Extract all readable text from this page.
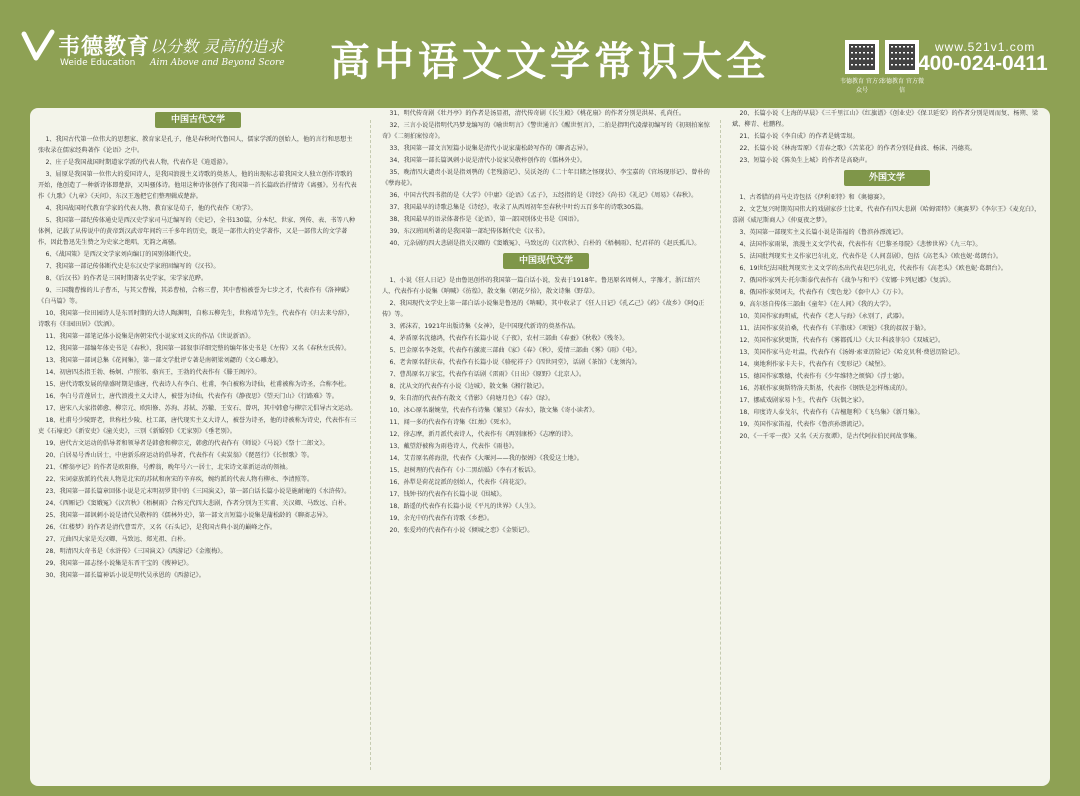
韦德教育
Weide Education
以分数 灵高的追求
Aim Above and Beyond Score 高中语文文学常识大全	韦德教育 官方公众号
韦德教育 官方微信
www.521v1.com
400-024-0411
中国古代文学

1、我国古代第一位伟大的思想家、教育家是孔子，他是春秋时代鲁国人，儒家学派的创始人，他的言行和思想主张收录在儒家经典著作《论语》之中。

2、庄子是我国战国时期道家学派的代表人物，代表作是《逍遥游》。

3、屈原是我国第一位伟大的爱国诗人，是我国浪漫主义诗歌的奠基人，他的出现标志着我国文人独立创作诗歌的开始，他创造了一种新诗体即楚辞，又叫骚体诗。他用这种诗体创作了我国第一首长篇政治抒情诗《离骚》。另有代表作《九歌》《九章》《天问》，东汉王逸把它们整理辑成楚辞。

4、我国战国时代教育学家的代表人物、教育家是荀子，他的代表作《劝学》。

5、我国第一部纪传体通史是西汉史学家司马迁编写的《史记》，全书130篇，分本纪、世家、列传、表、书等八种体例，记载了从传说中的黄帝到汉武帝年间约三千多年的历史，既是一部伟大的史学著作，又是一部伟大的文学著作，因此鲁迅先生赞之为史家之绝唱，无韵之离骚。

6、《战国策》是西汉文学家刘向编订的国别体断代史。

7、我国第一部记传体断代史是东汉史学家班固编写的《汉书》。

8、《后汉书》的作者是三国时期著名史学家，宋学家范晔。

9、三国魏曹操的儿子曹丕，与其父曹操，其弟曹植，合称三曹，其中曹植被誉为七步之才，代表作有《洛神赋》《白马篇》等。

10、我国第一位田园诗人是东晋时期的大诗人陶渊明，自称五柳先生，世称靖节先生，代表作有《归去来兮辞》，诗歌有《归园田居》《饮酒》。

11、我国第一部笔记体小说集是南朝宋代小说家刘义庆的作品《世说新语》。

12、我国第一部编年体史书是《春秋》，我国第一部叙事详细完整的编年体史书是《左传》又名《春秋左氏传》。

13、我国第一部词总集《花间集》，第一部文学批评专著是南朝梁刘勰的《文心雕龙》。

14、初唐四杰指王勃、杨炯、卢照邻、骆宾王，王勃的代表作有《滕王阁序》。

15、唐代诗歌发展的鼎盛时期是盛唐，代表诗人有李白、杜甫，李白被称为诗仙，杜甫被称为诗圣，合称李杜。

16、李白号青莲居士，唐代浪漫主义大诗人，被誉为诗仙，代表作有《静夜思》《望天门山》《行路难》等。

17、唐宋八大家指韩愈、柳宗元、欧阳修、苏洵、苏轼、苏辙、王安石、曾巩，其中韩愈与柳宗元倡导古文运动。

18、杜甫号少陵野老，世称杜少陵、杜工部，唐代现实主义大诗人，被誉为诗圣，他的诗被称为诗史，代表作有三吏《石壕吏》《新安吏》《潼关吏》，三别《新婚别》《无家别》《垂老别》。

19、唐代古文运动的倡导者和领导者是韩愈和柳宗元，韩愈的代表作有《师说》《马说》《祭十二郎文》。

20、白居易号香山居士，中唐新乐府运动的倡导者，代表作有《卖炭翁》《琵琶行》《长恨歌》等。

21、《醉翁亭记》的作者是欧阳修，号醉翁，晚年号六一居士，北宋诗文革新运动的领袖。

22、宋词豪放派的代表人物是北宋的苏轼和南宋的辛弃疾，婉约派的代表人物有柳永、李清照等。

23、我国第一部长篇章回体小说是元末明初罗贯中的《三国演义》，第一部白话长篇小说是施耐庵的《水浒传》。

24、《西厢记》《窦娥冤》《汉宫秋》《梧桐雨》合称元代四大悲剧，作者分别为王实甫、关汉卿、马致远、白朴。

25、我国第一部讽刺小说是清代吴敬梓的《儒林外史》，第一部文言短篇小说集是蒲松龄的《聊斋志异》。

26、《红楼梦》的作者是清代曹雪芹，又名《石头记》，是我国古典小说的巅峰之作。

27、元曲四大家是关汉卿、马致远、郑光祖、白朴。

28、明清四大奇书是《水浒传》《三国演义》《西游记》《金瓶梅》。

29、我国第一部志怪小说集是东晋干宝的《搜神记》。

30、我国第一部长篇神话小说是明代吴承恩的《西游记》。

31、明代传奇剧《牡丹亭》的作者是汤显祖，清代传奇剧《长生殿》《桃花扇》的作者分别是洪昇、孔尚任。

32、三言小说是指明代冯梦龙编写的《喻世明言》《警世通言》《醒世恒言》，二拍是指明代凌濛初编写的《初刻拍案惊奇》《二刻拍案惊奇》。

33、我国第一部文言短篇小说集是清代小说家蒲松龄写作的《聊斋志异》。

34、我国第一部长篇讽刺小说是清代小说家吴敬梓创作的《儒林外史》。

35、晚清四大谴责小说是指刘鹗的《老残游记》、吴沃尧的《二十年目睹之怪现状》、李宝嘉的《官场现形记》、曾朴的《孽海花》。

36、中国古代四书指的是《大学》《中庸》《论语》《孟子》，五经指的是《诗经》《尚书》《礼记》《周易》《春秋》。

37、我国最早的诗歌总集是《诗经》，收录了从西周初年至春秋中叶约五百多年的诗歌305篇。

38、我国最早的语录体著作是《论语》，第一部国别体史书是《国语》。

39、东汉班固所著的是我国第一部纪传体断代史《汉书》。

40、元杂剧的四大悲剧是指关汉卿的《窦娥冤》、马致远的《汉宫秋》、白朴的《梧桐雨》、纪君祥的《赵氏孤儿》。

中国现代文学

1、小说《狂人日记》是由鲁迅创作的我国第一篇白话小说，发表于1918年。鲁迅原名周树人，字豫才，浙江绍兴人，代表作有小说集《呐喊》《彷徨》，散文集《朝花夕拾》，散文诗集《野草》。

2、我国现代文学史上第一部白话小说集是鲁迅的《呐喊》，其中收录了《狂人日记》《孔乙己》《药》《故乡》《阿Q正传》等。

3、郭沫若，1921年出版诗集《女神》，是中国现代新诗的奠基作品。

4、茅盾原名沈德鸿，代表作有长篇小说《子夜》，农村三部曲《春蚕》《秋收》《残冬》。

5、巴金原名李尧棠，代表作有激流三部曲《家》《春》《秋》，爱情三部曲《雾》《雨》《电》。

6、老舍原名舒庆春，代表作有长篇小说《骆驼祥子》《四世同堂》，话剧《茶馆》《龙须沟》。

7、曹禺原名万家宝，代表作有话剧《雷雨》《日出》《原野》《北京人》。

8、沈从文的代表作有小说《边城》，散文集《湘行散记》。

9、朱自清的代表作有散文《背影》《荷塘月色》《春》《绿》。

10、冰心原名谢婉莹，代表作有诗集《繁星》《春水》，散文集《寄小读者》。

11、闻一多的代表作有诗集《红烛》《死水》。

12、徐志摩，新月派代表诗人，代表作有《再别康桥》《志摩的诗》。

13、戴望舒被称为雨巷诗人，代表作《雨巷》。

14、艾青原名蒋海澄，代表作《大堰河——我的保姆》《我爱这土地》。

15、赵树理的代表作有《小二黑结婚》《李有才板话》。

16、孙犁是荷花淀派的创始人，代表作《荷花淀》。

17、钱钟书的代表作有长篇小说《围城》。

18、路遥的代表作有长篇小说《平凡的世界》《人生》。

19、余光中的代表作有诗歌《乡愁》。

20、张爱玲的代表作有小说《倾城之恋》《金锁记》。

20、长篇小说《上海的早晨》《三千里江山》《红旗谱》《创业史》《保卫延安》的作者分别是周而复、杨朔、梁斌、柳青、杜鹏程。

21、长篇小说《李自成》的作者是姚雪垠。

22、长篇小说《林海雪原》《青春之歌》《苦菜花》的作者分别是曲波、杨沫、冯德英。

23、短篇小说《陈奂生上城》的作者是高晓声。

外国文学

1、古希腊的荷马史诗包括《伊利亚特》和《奥德赛》。

2、文艺复兴时期英国伟大的戏剧家莎士比亚，代表作有四大悲剧《哈姆雷特》《奥赛罗》《李尔王》《麦克白》，喜剧《威尼斯商人》《仲夏夜之梦》。

3、英国第一部现实主义长篇小说是笛福的《鲁滨孙漂流记》。

4、法国作家雨果，浪漫主义文学代表，代表作有《巴黎圣母院》《悲惨世界》《九三年》。

5、法国批判现实主义作家巴尔扎克，代表作是《人间喜剧》，包括《高老头》《欧也妮·葛朗台》。

6、19世纪法国批判现实主义文学的杰出代表是巴尔扎克，代表作有《高老头》《欧也妮·葛朗台》。

7、俄国作家列夫·托尔斯泰代表作有《战争与和平》《安娜·卡列尼娜》《复活》。

8、俄国作家契诃夫，代表作有《变色龙》《套中人》《万卡》。

9、高尔基自传体三部曲《童年》《在人间》《我的大学》。

10、美国作家海明威，代表作《老人与海》《永别了，武器》。

11、法国作家莫泊桑，代表作有《羊脂球》《项链》《我的叔叔于勒》。

12、英国作家狄更斯，代表作有《雾都孤儿》《大卫·科波菲尔》《双城记》。

13、美国作家马克·吐温，代表作有《汤姆·索亚历险记》《哈克贝利·费恩历险记》。

14、奥地利作家卡夫卡，代表作有《变形记》《城堡》。

15、德国作家歌德，代表作有《少年维特之烦恼》《浮士德》。

16、苏联作家奥斯特洛夫斯基，代表作《钢铁是怎样炼成的》。

17、挪威戏剧家易卜生，代表作《玩偶之家》。

18、印度诗人泰戈尔，代表作有《吉檀迦利》《飞鸟集》《新月集》。

19、英国作家笛福，代表作《鲁滨孙漂流记》。

20、《一千零一夜》又名《天方夜谭》，是古代阿拉伯民间故事集。
